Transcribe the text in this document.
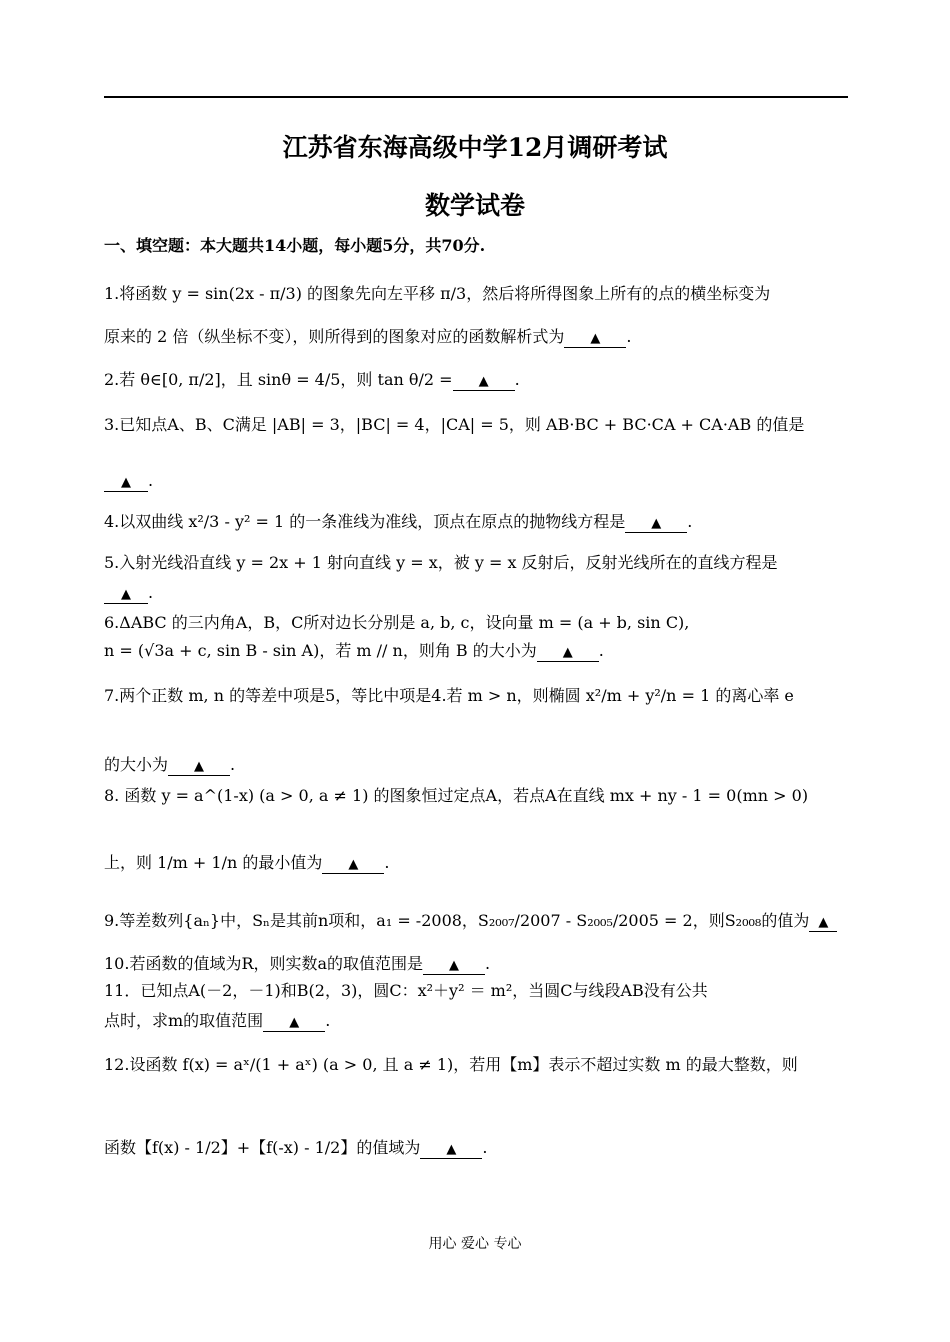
江苏省东海高级中学12月调研考试
数学试卷
一、填空题：本大题共14小题，每小题5分，共70分.
1.将函数 y = sin(2x - π/3) 的图象先向左平移 π/3，然后将所得图象上所有的点的横坐标变为
原来的 2 倍（纵坐标不变），则所得到的图象对应的函数解析式为 ▲ .
2.若 θ∈[0, π/2]，且 sinθ = 4/5，则 tan θ/2 = ▲ .
3.已知点A、B、C满足 |AB| = 3，|BC| = 4，|CA| = 5，则 AB·BC + BC·CA + CA·AB 的值是
▲ .
4.以双曲线 x²/3 - y² = 1 的一条准线为准线，顶点在原点的抛物线方程是 ▲ .
5.入射光线沿直线 y = 2x + 1 射向直线 y = x，被 y = x 反射后，反射光线所在的直线方程是
▲ .
6.ΔABC 的三内角A，B，C所对边长分别是 a, b, c，设向量 m = (a + b, sin C),
n = (√3a + c, sin B - sin A)，若 m // n，则角 B 的大小为 ▲ .
7.两个正数 m, n 的等差中项是5，等比中项是4.若 m > n，则椭圆 x²/m + y²/n = 1 的离心率 e
的大小为 ▲ .
8. 函数 y = a^(1-x) (a > 0, a ≠ 1) 的图象恒过定点A，若点A在直线 mx + ny - 1 = 0(mn > 0)
上，则 1/m + 1/n 的最小值为 ▲ .
9.等差数列{aₙ}中，Sₙ是其前n项和，a₁ = -2008，S₂₀₀₇/2007 - S₂₀₀₅/2005 = 2，则S₂₀₀₈的值为 ▲
10.若函数的值域为R，则实数a的取值范围是 ▲ .
11．已知点A(－2，－1)和B(2，3)，圆C：x²＋y² ＝ m²，当圆C与线段AB没有公共
点时，求m的取值范围 ▲ .
12.设函数 f(x) = aˣ/(1 + aˣ) (a > 0, 且 a ≠ 1)，若用【m】表示不超过实数 m 的最大整数，则
函数【f(x) - 1/2】+【f(-x) - 1/2】的值域为 ▲ .
用心 爱心 专心
